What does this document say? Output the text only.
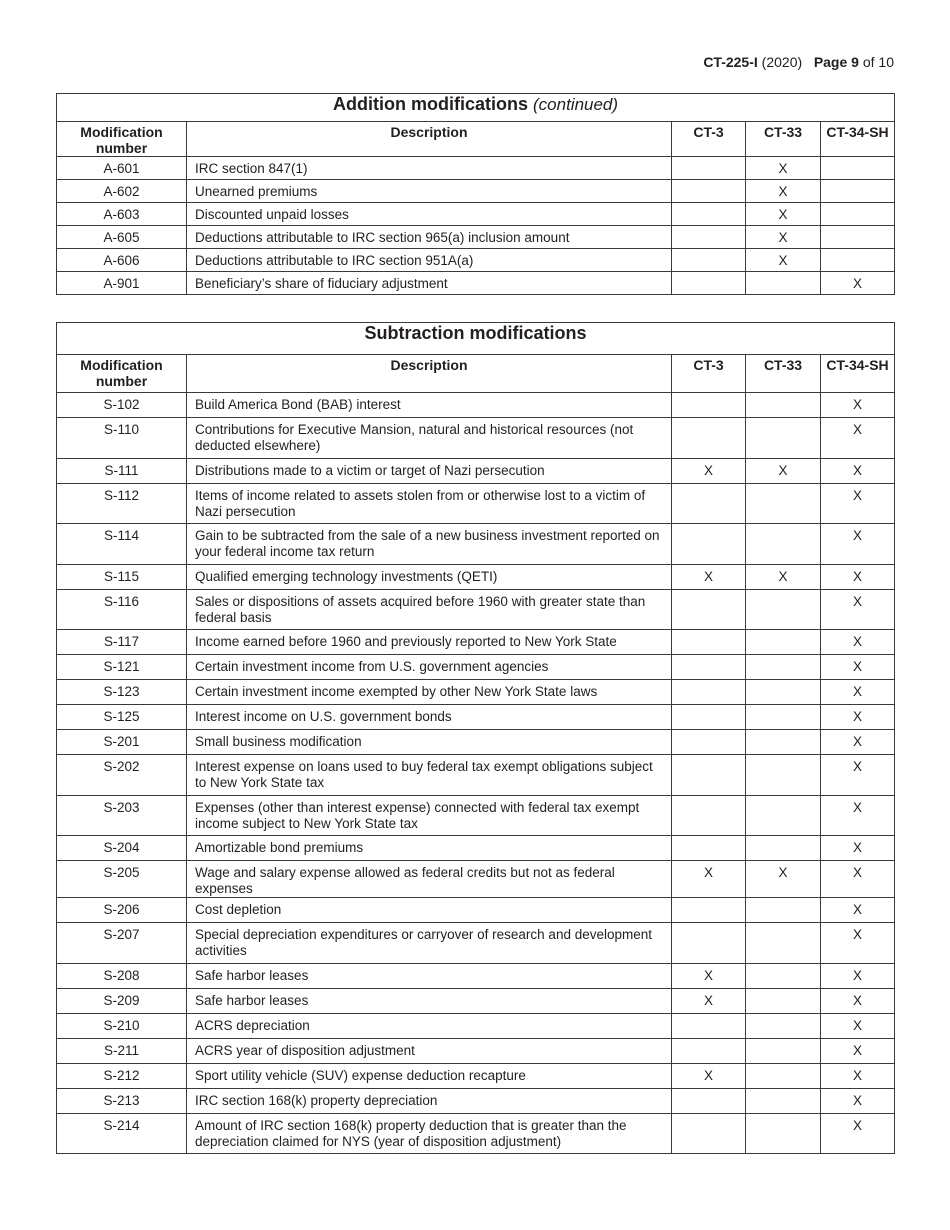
CT-225-I (2020) Page 9 of 10
Addition modifications (continued)				
Modification number	Description	CT-3	CT-33	CT-34-SH
A-601	IRC section 847(1)		X	
A-602	Unearned premiums		X	
A-603	Discounted unpaid losses		X	
A-605	Deductions attributable to IRC section 965(a) inclusion amount		X	
A-606	Deductions attributable to IRC section 951A(a)		X	
A-901	Beneficiary’s share of fiduciary adjustment			X
Subtraction modifications				
Modification number	Description	CT-3	CT-33	CT-34-SH
S-102	Build America Bond (BAB) interest			X
S-110	Contributions for Executive Mansion, natural and historical resources (not deducted elsewhere)			X
S-111	Distributions made to a victim or target of Nazi persecution	X	X	X
S-112	Items of income related to assets stolen from or otherwise lost to a victim of Nazi persecution			X
S-114	Gain to be subtracted from the sale of a new business investment reported on your federal income tax return			X
S-115	Qualified emerging technology investments (QETI)	X	X	X
S-116	Sales or dispositions of assets acquired before 1960 with greater state than federal basis			X
S-117	Income earned before 1960 and previously reported to New York State			X
S-121	Certain investment income from U.S. government agencies			X
S-123	Certain investment income exempted by other New York State laws			X
S-125	Interest income on U.S. government bonds			X
S-201	Small business modification			X
S-202	Interest expense on loans used to buy federal tax exempt obligations subject to New York State tax			X
S-203	Expenses (other than interest expense) connected with federal tax exempt income subject to New York State tax			X
S-204	Amortizable bond premiums			X
S-205	Wage and salary expense allowed as federal credits but not as federal expenses	X	X	X
S-206	Cost depletion			X
S-207	Special depreciation expenditures or carryover of research and development activities			X
S-208	Safe harbor leases	X		X
S-209	Safe harbor leases	X		X
S-210	ACRS depreciation			X
S-211	ACRS year of disposition adjustment			X
S-212	Sport utility vehicle (SUV) expense deduction recapture	X		X
S-213	IRC section 168(k) property depreciation			X
S-214	Amount of IRC section 168(k) property deduction that is greater than the depreciation claimed for NYS (year of disposition adjustment)			X
